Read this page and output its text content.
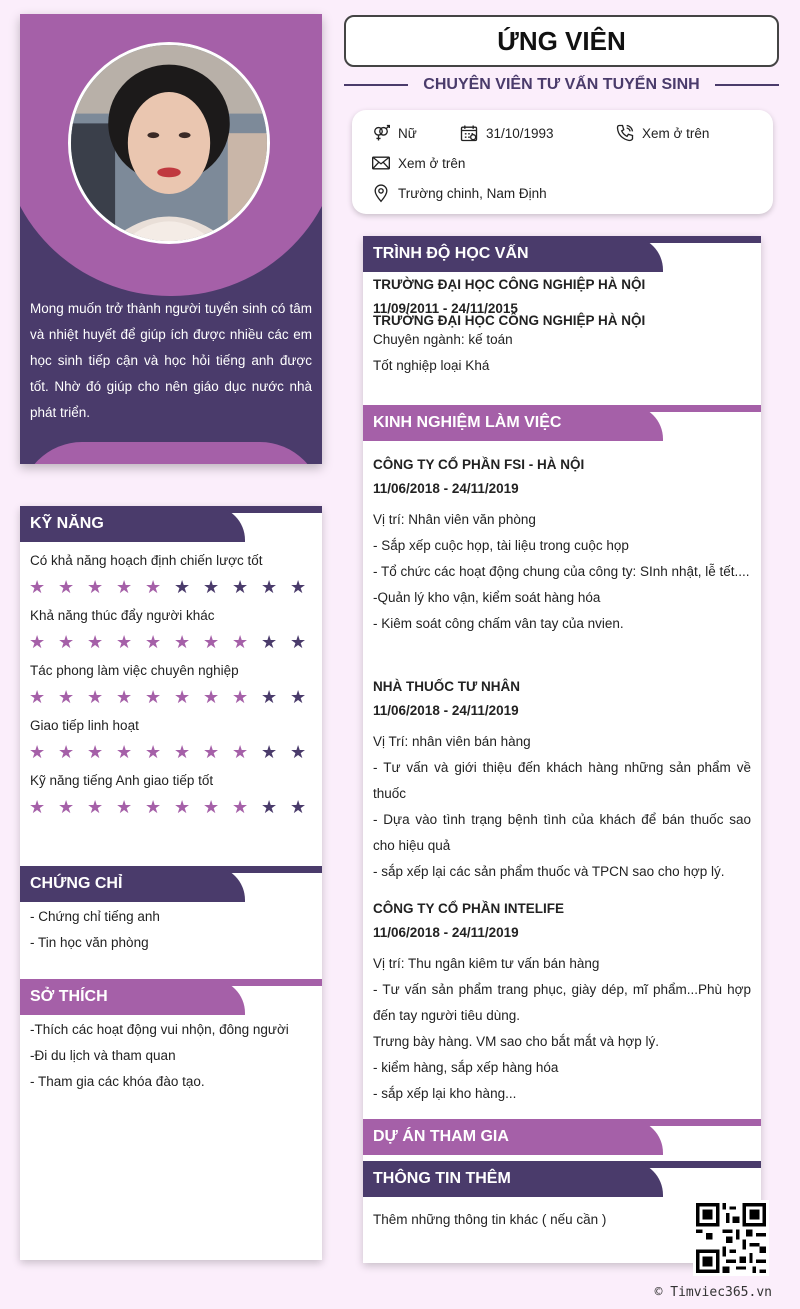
Mong muốn trở thành người tuyển sinh có tâm và nhiệt huyết để giúp ích được nhiều các em học sinh tiếp cận và học hỏi tiếng anh được tốt. Nhờ đó giúp cho nên giáo dục nước nhà phát triển.

KỸ NĂNG
Có khả năng hoạch định chiến lược tốt
★ ★ ★ ★ ★ ★ ★ ★ ★ ★
Khả năng thúc đẩy người khác
★ ★ ★ ★ ★ ★ ★ ★ ★ ★
Tác phong làm việc chuyên nghiệp
★ ★ ★ ★ ★ ★ ★ ★ ★ ★
Giao tiếp linh hoạt
★ ★ ★ ★ ★ ★ ★ ★ ★ ★
Kỹ năng tiếng Anh giao tiếp tốt
★ ★ ★ ★ ★ ★ ★ ★ ★ ★
CHỨNG CHỈ
- Chứng chỉ tiếng anh
- Tin học văn phòng
SỞ THÍCH
-Thích các hoạt động vui nhộn, đông người
-Đi du lịch và tham quan
- Tham gia các khóa đào tạo.
ỨNG VIÊN
CHUYÊN VIÊN TƯ VẤN TUYỂN SINH
Nữ	31/10/1993	Xem ở trên
Xem ở trên
Trường chinh, Nam Định
TRÌNH ĐỘ HỌC VẤN
TRƯỜNG ĐẠI HỌC CÔNG NGHIỆP HÀ NỘI
KINH NGHIỆM LÀM VIỆC
CÔNG TY CỔ PHẦN FSI - HÀ NỘI
11/06/2018 - 24/11/2019
Vị trí: Nhân viên văn phòng
- Sắp xếp cuộc họp, tài liệu trong cuộc họp
- Tổ chức các hoạt động chung của công ty: SInh nhật, lễ tết....
-Quản lý kho vận, kiểm soát hàng hóa
- Kiêm soát công chấm vân tay của nvien.
NHÀ THUỐC TƯ NHÂN
11/06/2018 - 24/11/2019
Vị Trí: nhân viên bán hàng
- Tư vấn và giới thiệu đến khách hàng những sản phẩm về thuốc
- Dựa vào tình trạng bệnh tình của khách để bán thuốc sao cho hiệu quả
- sắp xếp lại các sản phẩm thuốc và TPCN sao cho hợp lý.
CÔNG TY CỔ PHẦN INTELIFE
11/06/2018 - 24/11/2019
Vị trí: Thu ngân kiêm tư vấn bán hàng
- Tư vấn sản phẩm trang phục, giày dép, mĩ phẩm...Phù hợp đến tay người tiêu dùng.
Trưng bày hàng. VM sao cho bắt mắt và hợp lý.
- kiểm hàng, sắp xếp hàng hóa
- sắp xếp lại kho hàng...
DỰ ÁN THAM GIA
THÔNG TIN THÊM
Thêm những thông tin khác ( nếu cần )
TRƯỜNG ĐẠI HỌC CÔNG NGHIỆP HÀ NỘI
11/09/2011 - 24/11/2015
Chuyên ngành: kế toán
Tốt nghiệp loại Khá
© Timviec365.vn
